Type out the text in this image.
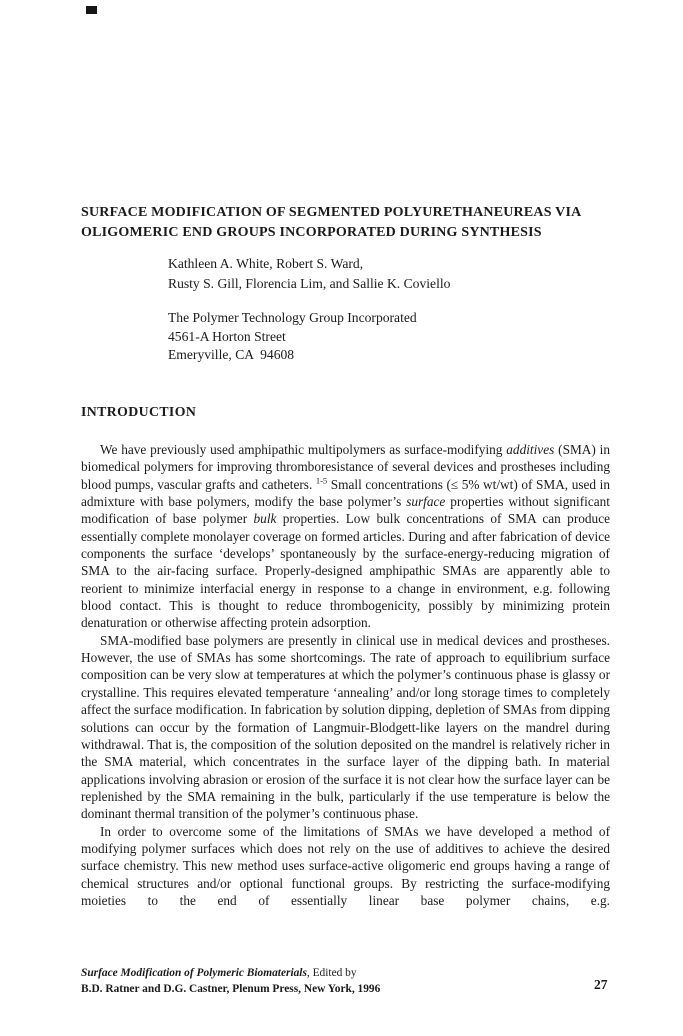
SURFACE MODIFICATION OF SEGMENTED POLYURETHANEUREAS VIA
OLIGOMERIC END GROUPS INCORPORATED DURING SYNTHESIS
Kathleen A. White, Robert S. Ward,
Rusty S. Gill, Florencia Lim, and Sallie K. Coviello
The Polymer Technology Group Incorporated
4561-A Horton Street
Emeryville, CA  94608
INTRODUCTION

We have previously used amphipathic multipolymers as surface-modifying additives (SMA) in biomedical polymers for improving thromboresistance of several devices and prostheses including blood pumps, vascular grafts and catheters. $^{1-5}$ Small concentrations (≤ 5% wt/wt) of SMA, used in admixture with base polymers, modify the base polymer’s surface properties without significant modification of base polymer bulk properties. Low bulk concentrations of SMA can produce essentially complete monolayer coverage on formed articles. During and after fabrication of device components the surface ‘develops’ spontaneously by the surface-energy-reducing migration of SMA to the air-facing surface. Properly-designed amphipathic SMAs are apparently able to reorient to minimize interfacial energy in response to a change in environment, e.g. following blood contact. This is thought to reduce thrombogenicity, possibly by minimizing protein denaturation or otherwise affecting protein adsorption.

SMA-modified base polymers are presently in clinical use in medical devices and prostheses. However, the use of SMAs has some shortcomings. The rate of approach to equilibrium surface composition can be very slow at temperatures at which the polymer’s continuous phase is glassy or crystalline. This requires elevated temperature ‘annealing’ and/or long storage times to completely affect the surface modification. In fabrication by solution dipping, depletion of SMAs from dipping solutions can occur by the formation of Langmuir-Blodgett-like layers on the mandrel during withdrawal. That is, the composition of the solution deposited on the mandrel is relatively richer in the SMA material, which concentrates in the surface layer of the dipping bath. In material applications involving abrasion or erosion of the surface it is not clear how the surface layer can be replenished by the SMA remaining in the bulk, particularly if the use temperature is below the dominant thermal transition of the polymer’s continuous phase.

In order to overcome some of the limitations of SMAs we have developed a method of modifying polymer surfaces which does not rely on the use of additives to achieve the desired surface chemistry. This new method uses surface-active oligomeric end groups having a range of chemical structures and/or optional functional groups. By restricting the surface-modifying moieties to the end of essentially linear base polymer chains, e.g.

Surface Modification of Polymeric Biomaterials, Edited by
B.D. Ratner and D.G. Castner, Plenum Press, New York, 1996	27
